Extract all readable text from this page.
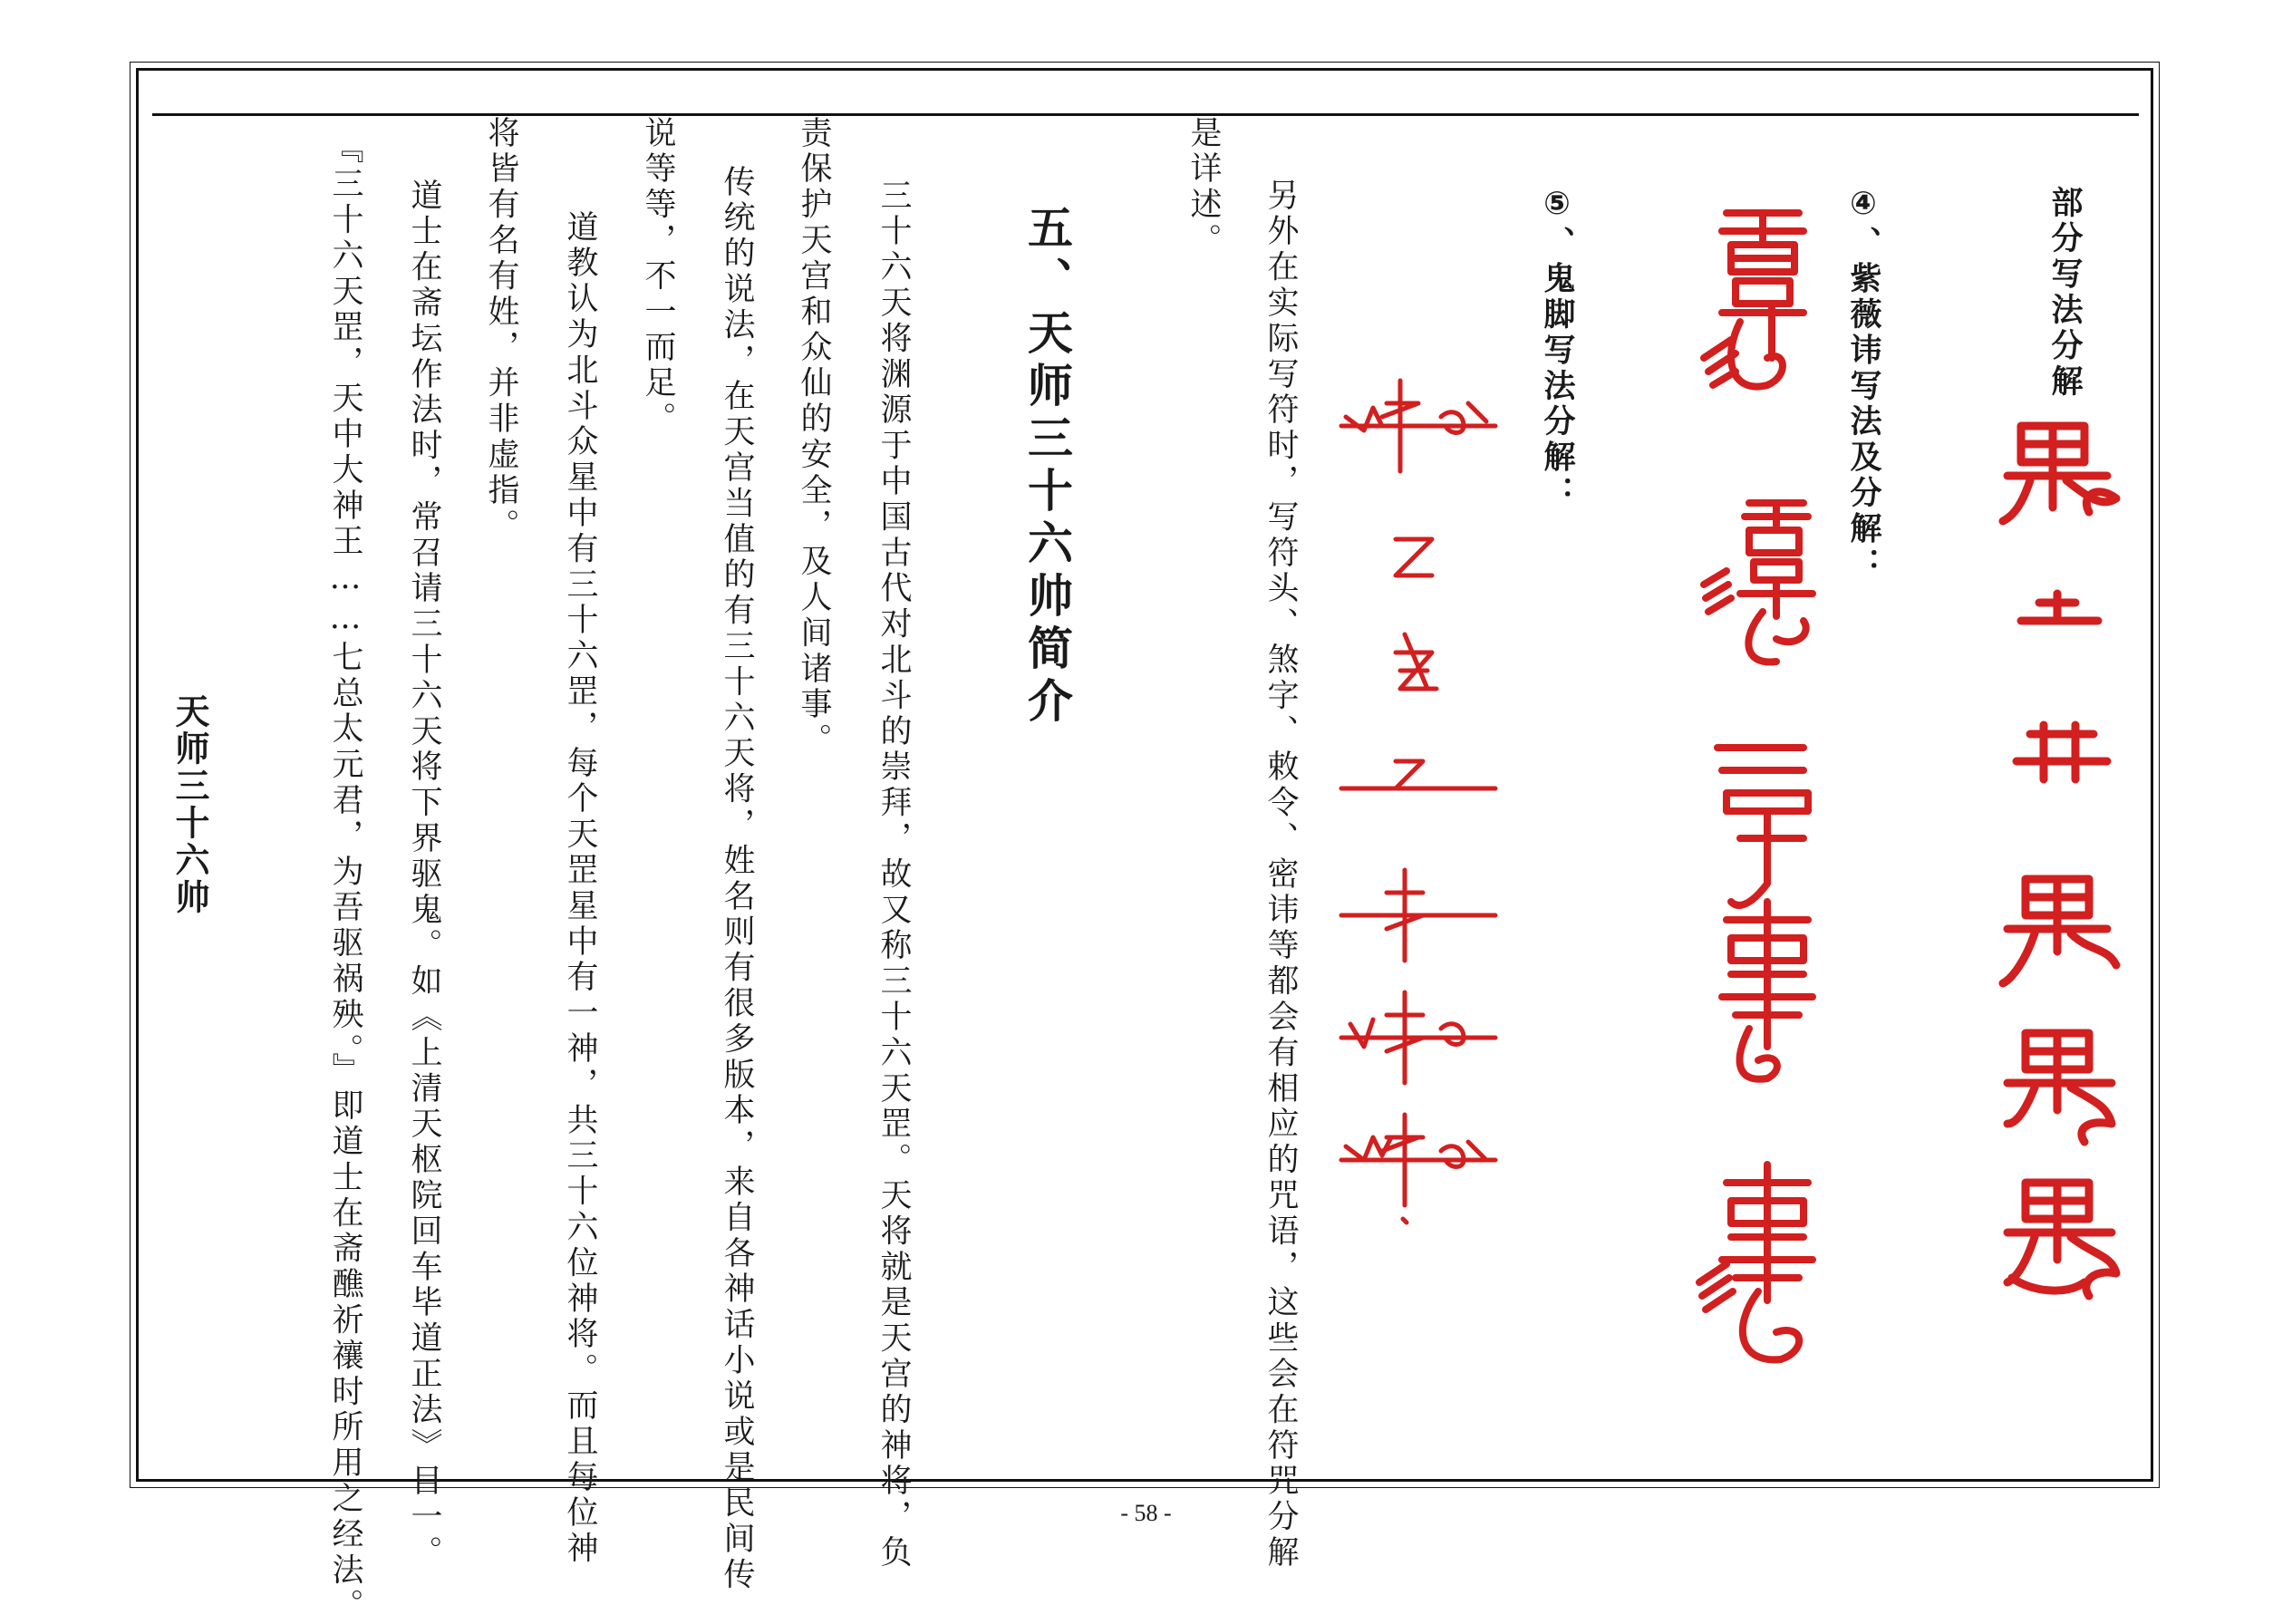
部分写法分解
④、紫薇讳写法及分解：
⑤、鬼脚写法分解：
另外在实际写符时，写符头、煞字、敕令、密讳等都会有相应的咒语，这些会在符咒分解
是详述。
五、天师三十六帅简介
三十六天将渊源于中国古代对北斗的崇拜，故又称三十六天罡。天将就是天宫的神将，负
责保护天宫和众仙的安全，及人间诸事。
传统的说法，在天宫当值的有三十六天将，姓名则有很多版本，来自各神话小说或是民间传
说等等，不一而足。
道教认为北斗众星中有三十六罡，每个天罡星中有一神，共三十六位神将。而且每位神
将皆有名有姓，并非虚指。
道士在斋坛作法时，常召请三十六天将下界驱鬼。如《上清天枢院回车毕道正法》目一。
『三十六天罡，天中大神王……七总太元君，为吾驱祸殃。』即道士在斋醮祈禳时所用之经法。
天师三十六帅
- 58 -
